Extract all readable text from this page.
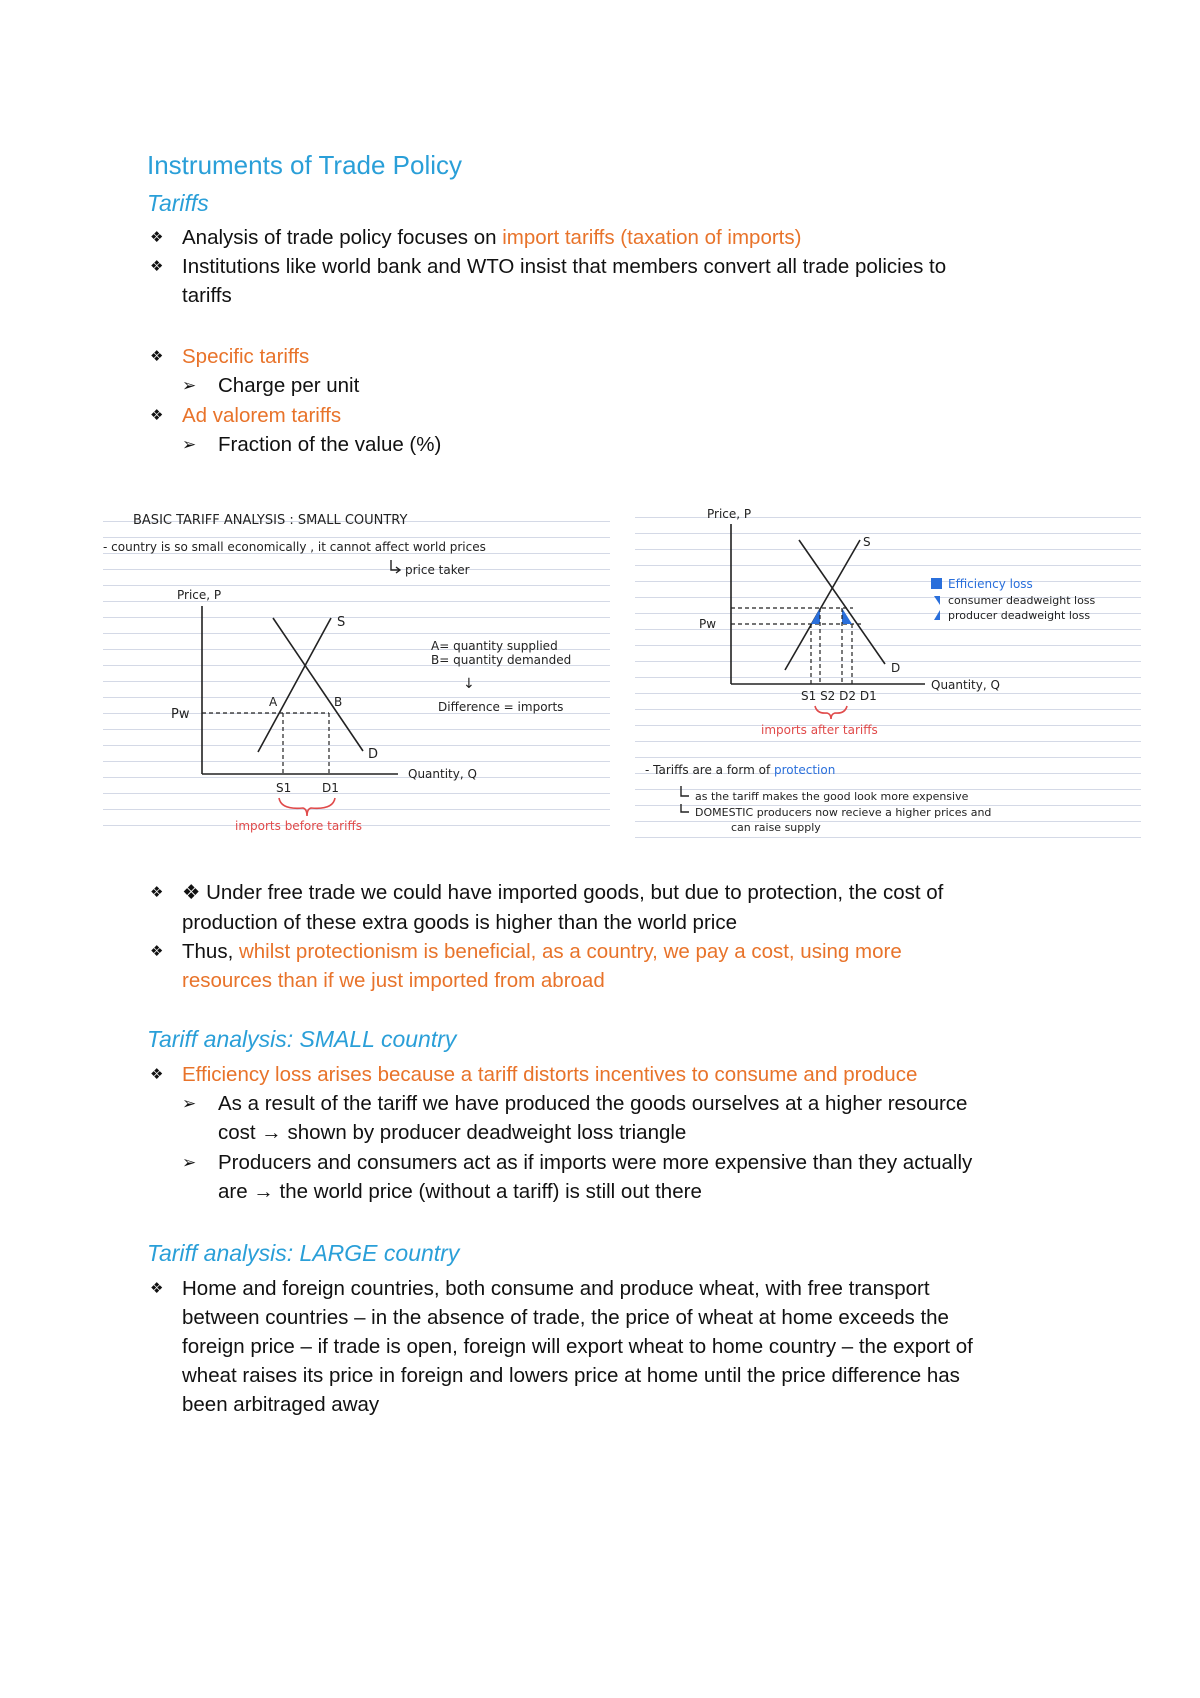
Instruments of Trade Policy
Tariffs
❖ Analysis of trade policy focuses on import tariffs (taxation of imports)
❖ Institutions like world bank and WTO insist that members convert all trade policies to
tariffs
❖ Specific tariffs
➢ Charge per unit
❖ Ad valorem tariffs
➢ Fraction of the value (%)
BASIC TARIFF ANALYSIS : SMALL COUNTRY
- country is so small economically , it cannot affect world prices
price taker
Price, P
Quantity, Q
S
D
Pw
A	B
S1	D1
imports before tariffs
A= quantity supplied
B= quantity demanded
↓
Difference = imports
Price, P
Quantity, Q
S
D
Pw
S1 S2 D2 D1
imports after tariffs
Efficiency loss
consumer deadweight loss
producer deadweight loss
- Tariffs are a form of protection
as the tariff makes the good look more expensive
DOMESTIC producers now recieve a higher prices and
can raise supply
❖ ❖ Under free trade we could have imported goods, but due to protection, the cost of
production of these extra goods is higher than the world price
❖ Thus, whilst protectionism is beneficial, as a country, we pay a cost, using more
resources than if we just imported from abroad
Tariff analysis: SMALL country
❖ Efficiency loss arises because a tariff distorts incentives to consume and produce
➢ As a result of the tariff we have produced the goods ourselves at a higher resource
cost → shown by producer deadweight loss triangle
➢ Producers and consumers act as if imports were more expensive than they actually
are → the world price (without a tariff) is still out there
Tariff analysis: LARGE country
❖ Home and foreign countries, both consume and produce wheat, with free transport
between countries – in the absence of trade, the price of wheat at home exceeds the
foreign price – if trade is open, foreign will export wheat to home country – the export of
wheat raises its price in foreign and lowers price at home until the price difference has
been arbitraged away
